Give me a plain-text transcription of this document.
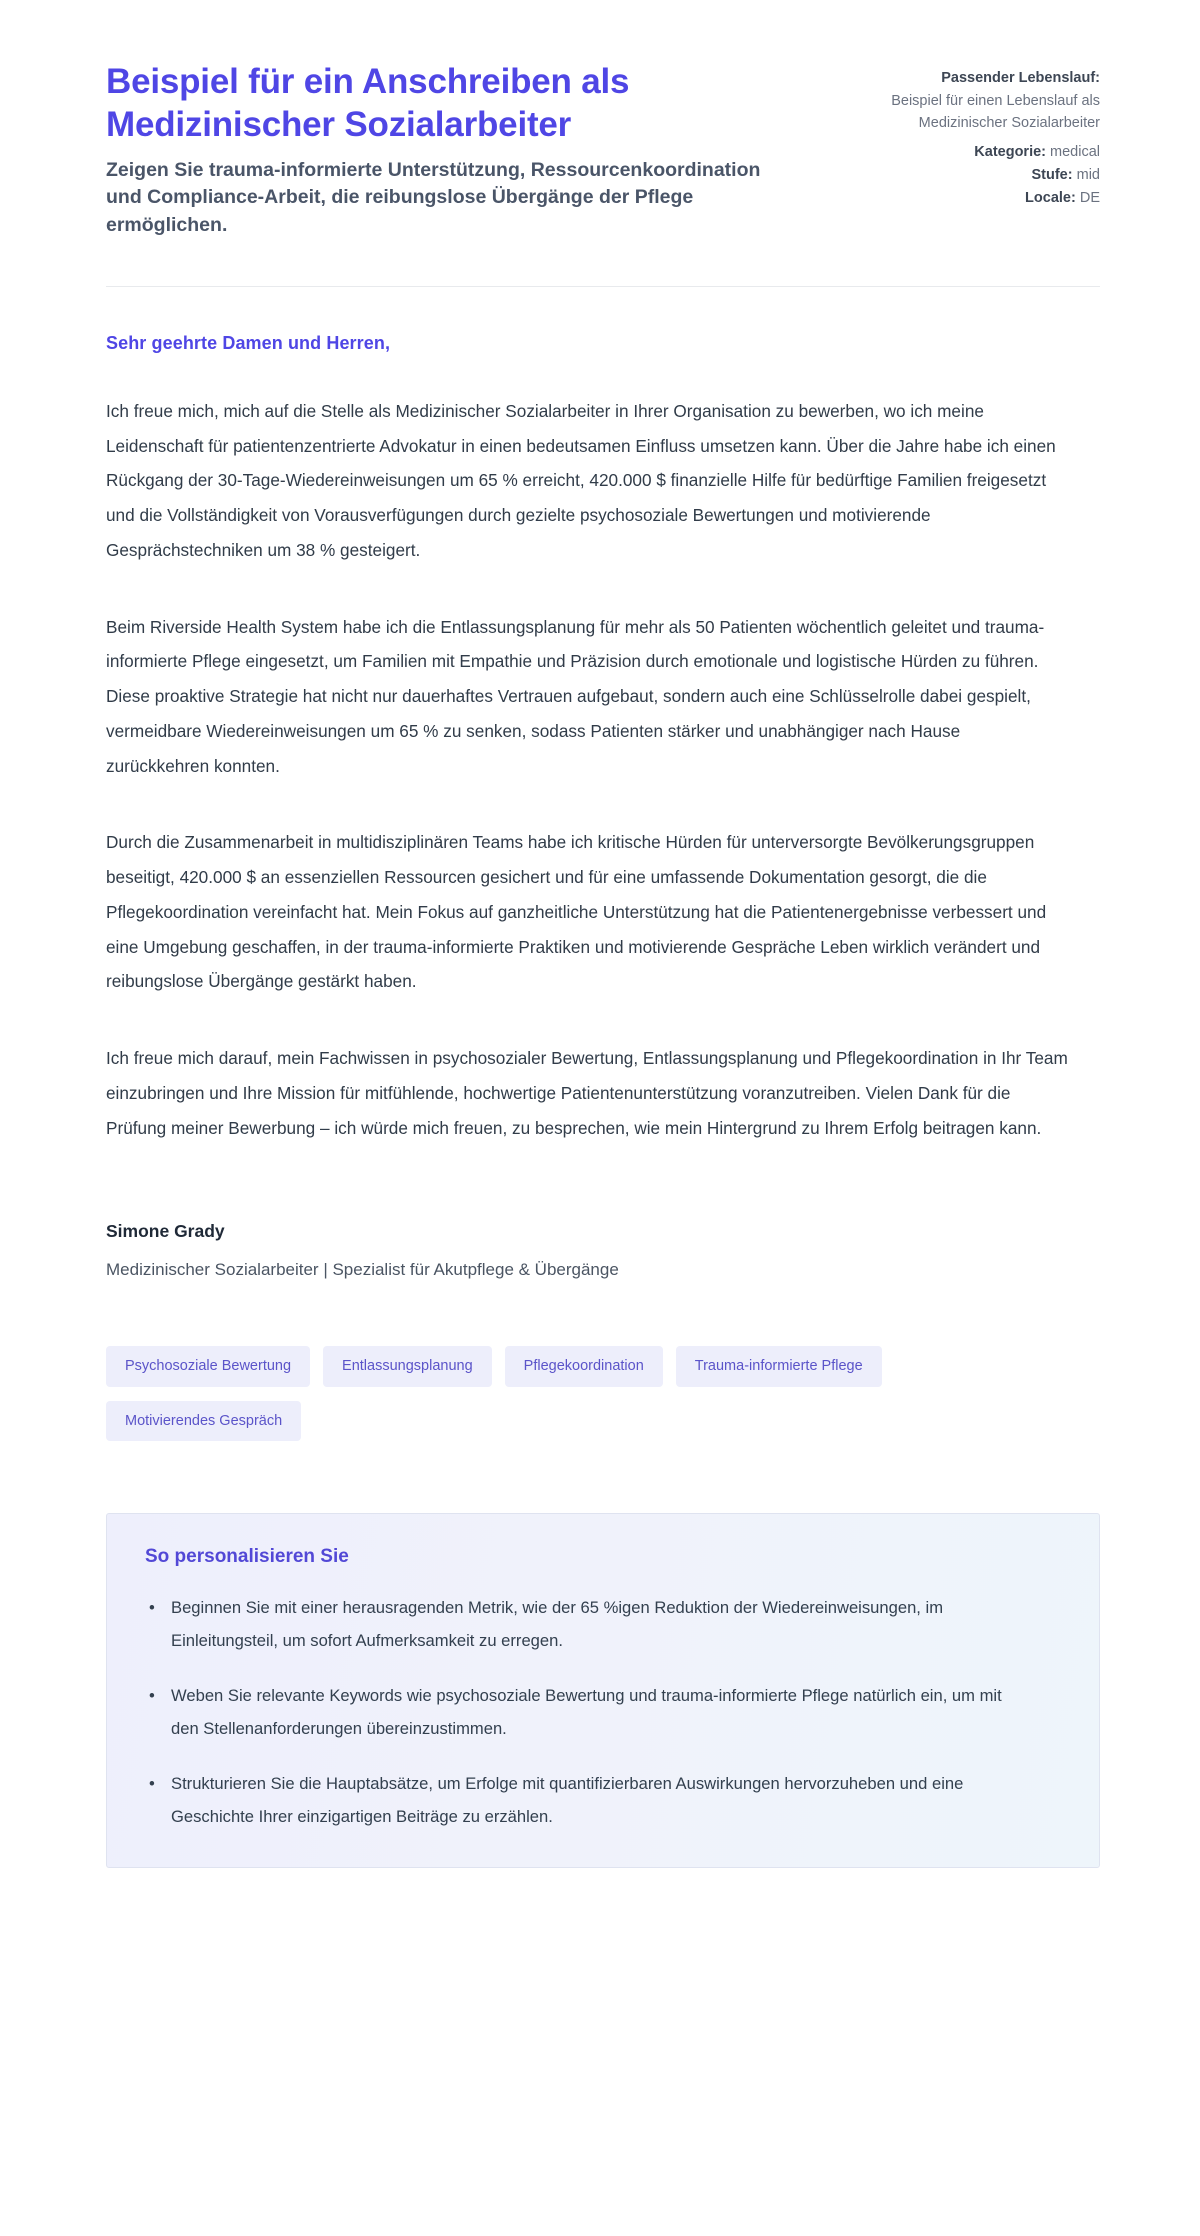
Beispiel für ein Anschreiben als Medizinischer Sozialarbeiter

Zeigen Sie trauma-informierte Unterstützung, Ressourcenkoordination und Compliance-Arbeit, die reibungslose Übergänge der Pflege ermöglichen.

Passender Lebenslauf:
Beispiel für einen Lebenslauf als Medizinischer Sozialarbeiter
Kategorie: medical
Stufe: mid
Locale: DE

Sehr geehrte Damen und Herren,

Ich freue mich, mich auf die Stelle als Medizinischer Sozialarbeiter in Ihrer Organisation zu bewerben, wo ich meine Leidenschaft für patientenzentrierte Advokatur in einen bedeutsamen Einfluss umsetzen kann. Über die Jahre habe ich einen Rückgang der 30-Tage-Wiedereinweisungen um 65 % erreicht, 420.000 $ finanzielle Hilfe für bedürftige Familien freigesetzt und die Vollständigkeit von Vorausverfügungen durch gezielte psychosoziale Bewertungen und motivierende Gesprächstechniken um 38 % gesteigert.

Beim Riverside Health System habe ich die Entlassungsplanung für mehr als 50 Patienten wöchentlich geleitet und trauma-informierte Pflege eingesetzt, um Familien mit Empathie und Präzision durch emotionale und logistische Hürden zu führen. Diese proaktive Strategie hat nicht nur dauerhaftes Vertrauen aufgebaut, sondern auch eine Schlüsselrolle dabei gespielt, vermeidbare Wiedereinweisungen um 65 % zu senken, sodass Patienten stärker und unabhängiger nach Hause zurückkehren konnten.

Durch die Zusammenarbeit in multidisziplinären Teams habe ich kritische Hürden für unterversorgte Bevölkerungsgruppen beseitigt, 420.000 $ an essenziellen Ressourcen gesichert und für eine umfassende Dokumentation gesorgt, die die Pflegekoordination vereinfacht hat. Mein Fokus auf ganzheitliche Unterstützung hat die Patientenergebnisse verbessert und eine Umgebung geschaffen, in der trauma-informierte Praktiken und motivierende Gespräche Leben wirklich verändert und reibungslose Übergänge gestärkt haben.

Ich freue mich darauf, mein Fachwissen in psychosozialer Bewertung, Entlassungsplanung und Pflegekoordination in Ihr Team einzubringen und Ihre Mission für mitfühlende, hochwertige Patientenunterstützung voranzutreiben. Vielen Dank für die Prüfung meiner Bewerbung – ich würde mich freuen, zu besprechen, wie mein Hintergrund zu Ihrem Erfolg beitragen kann.

Simone Grady

Medizinischer Sozialarbeiter | Spezialist für Akutpflege & Übergänge

Psychosoziale Bewertung	Entlassungsplanung	Pflegekoordination	Trauma-informierte Pflege
Motivierendes Gespräch
So personalisieren Sie
• Beginnen Sie mit einer herausragenden Metrik, wie der 65 %igen Reduktion der Wiedereinweisungen, im Einleitungsteil, um sofort Aufmerksamkeit zu erregen.
• Weben Sie relevante Keywords wie psychosoziale Bewertung und trauma-informierte Pflege natürlich ein, um mit den Stellenanforderungen übereinzustimmen.
• Strukturieren Sie die Hauptabsätze, um Erfolge mit quantifizierbaren Auswirkungen hervorzuheben und eine Geschichte Ihrer einzigartigen Beiträge zu erzählen.
